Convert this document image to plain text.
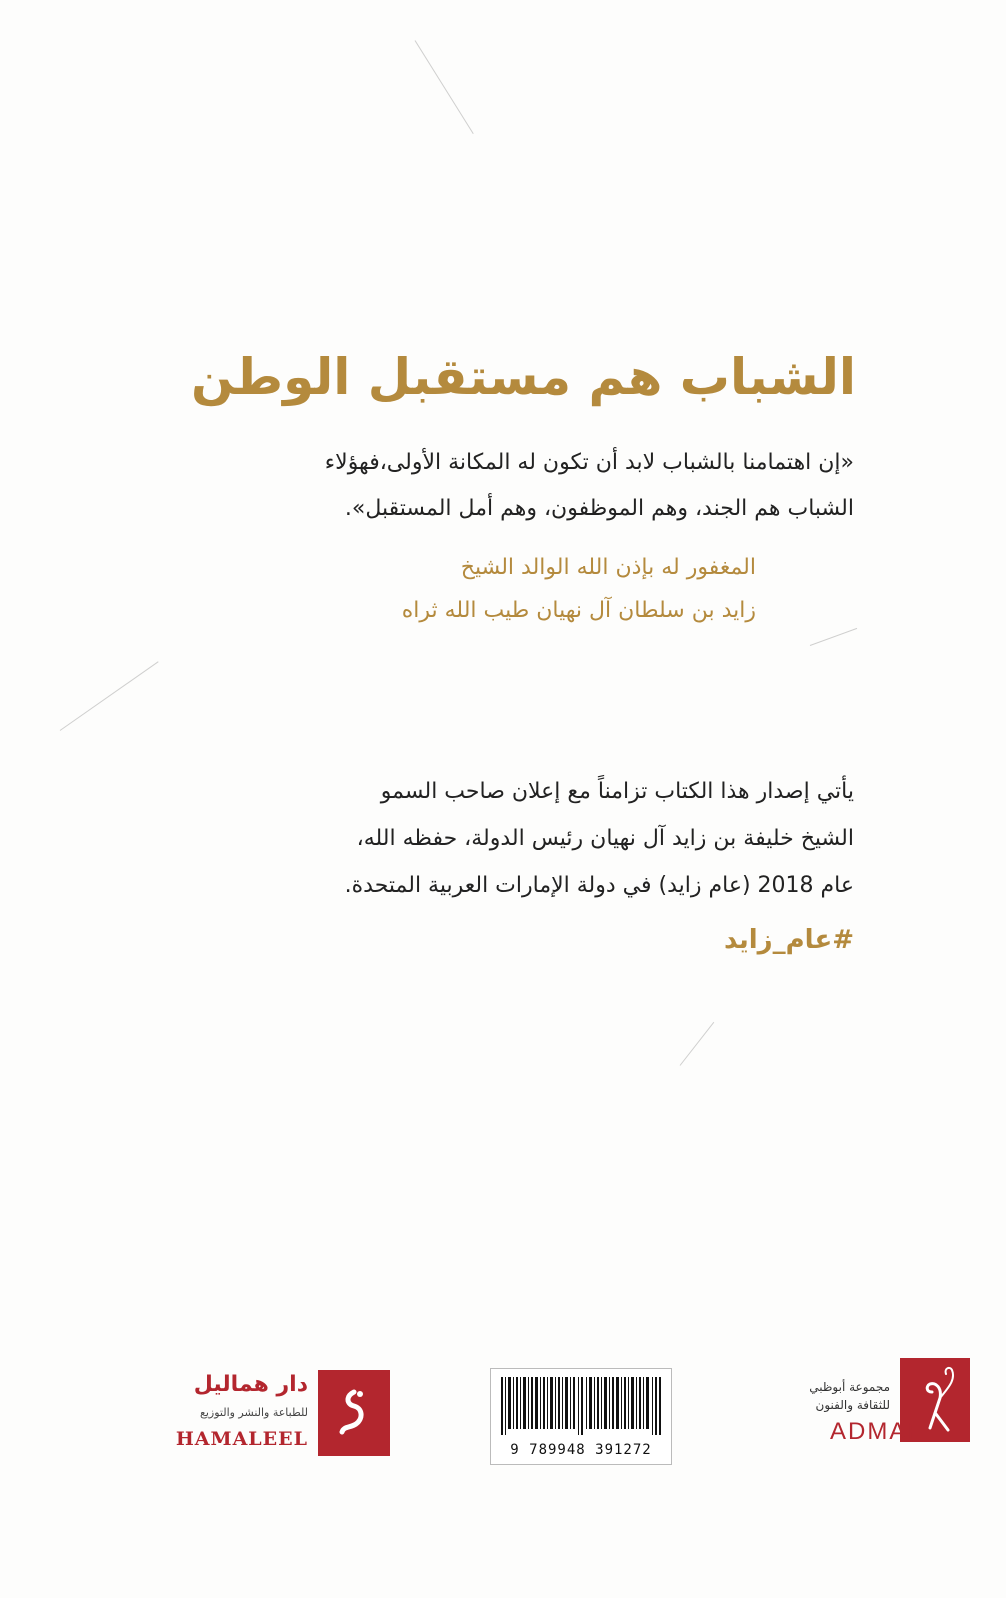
الشباب هم مستقبل الوطن
«إن اهتمامنا بالشباب لابد أن تكون له المكانة الأولى،فهؤلاء
الشباب هم الجند، وهم الموظفون، وهم أمل المستقبل».
المغفور له بإذن الله الوالد الشيخ
زايد بن سلطان آل نهيان طيب الله ثراه
يأتي إصدار هذا الكتاب تزامناً مع إعلان صاحب السمو
الشيخ خليفة بن زايد آل نهيان رئيس الدولة، حفظه الله،
عام 2018 (عام زايد) في دولة الإمارات العربية المتحدة.
#عام_زايد
دار هماليل
للطباعة والنشر والتوزيع
HAMALEEL	9 789948 391272
مجموعة أبوظبي
للثقافة والفنون
ADMAF
